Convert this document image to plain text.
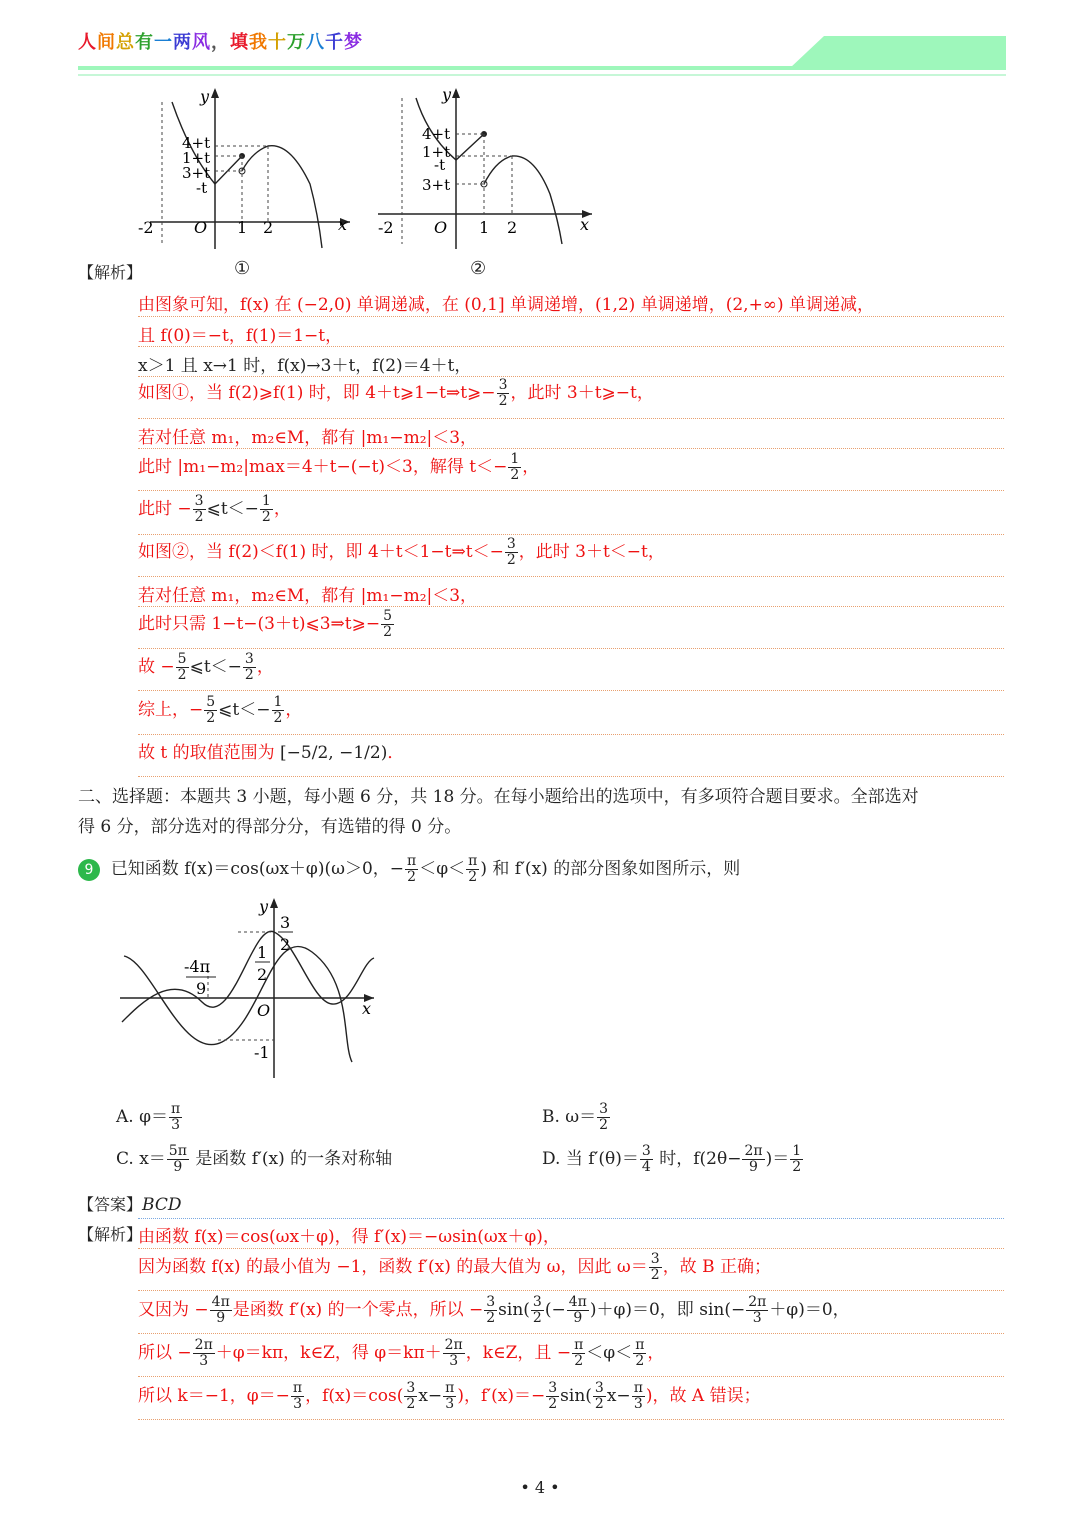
人间总有一两风，填我十万八千梦
y
x
4+t
1+t
3+t
-t
-2	O 1 2
①
y
x
4+t
1+t
-t
3+t
-2	O 1 2
②
【解析】
由图象可知，f(x) 在 (−2,0) 单调递减，在 (0,1] 单调递增，(1,2) 单调递增，(2,+∞) 单调递减，
且 f(0)＝−t，f(1)＝1−t，
x＞1 且 x→1 时，f(x)→3＋t，f(2)＝4＋t，
如图①，当 f(2)⩾f(1) 时，即 4＋t⩾1−t⇒t⩾− $\frac{3}{2}$ ，此时 3＋t⩾−t，
若对任意 m₁，m₂∈M，都有 |m₁−m₂|＜3，
此时 |m₁−m₂|max＝4＋t−(−t)＜3，解得 $t<- \frac{1}{2}$ ，
此时 − $\frac{3}{2}$ ⩽t＜− $\frac{1}{2}$ ，
如图②，当 f(2)＜f(1) 时，即 4＋t＜1−t⇒t＜− $\frac{3}{2}$ ，此时 3＋t＜−t，
若对任意 m₁，m₂∈M，都有 |m₁−m₂|＜3，
此时只需 1−t−(3＋t)⩽3⇒t⩾− $\frac{5}{2}$
故 − $\frac{5}{2}$ ⩽t＜− $\frac{3}{2}$ ，
综上，− $\frac{5}{2}$ ⩽t＜− $\frac{1}{2}$ ，
故 t 的取值范围为 [−5/2, −1/2)．
二、选择题：本题共 3 小题，每小题 6 分，共 18 分。在每小题给出的选项中，有多项符合题目要求。全部选对
得 6 分，部分选对的得部分分，有选错的得 0 分。
9 已知函数 f(x)＝cos(ωx＋φ)(ω＞0，− $\frac{\pi}{2} <\varphi< \frac{\pi}{2}$ ) 和 f′(x) 的部分图象如图所示，则
y
x
O
-1
1
2
3
2
-4π
9
A. $\varphi= \frac{\pi}{3}$	B. $\omega= \frac{3}{2}$
C. $x= \frac{5\pi}{9}$ 是函数 f′(x) 的一条对称轴	D. 当 $f'(\theta)= \frac{3}{4}$ 时，$f(2\theta- \frac{2\pi}{9}$ )＝ $\frac{1}{2}$
【答案】BCD
【解析】
由函数 f(x)＝cos(ωx＋φ)，得 f′(x)＝−ωsin(ωx＋φ)，
因为函数 f(x) 的最小值为 −1，函数 f′(x) 的最大值为 ω，因此 $\omega= \frac{3}{2}$ ，故 B 正确；
又因为 − $\frac{4\pi}{9}$ 是函数 f′(x) 的一个零点，所以 − $\frac{3}{2} \sin( \frac{3}{2}$ (− $\frac{4\pi}{9} )+\varphi)=0$，即 $\sin(- \frac{2\pi}{3} +\varphi)=0$，
所以 − $\frac{2\pi}{3} +\varphi=k\pi$，k∈Z，得 $\varphi=k\pi+ \frac{2\pi}{3}$ ，k∈Z，且 − $\frac{\pi}{2} <\varphi< \frac{\pi}{2}$ ，
所以 k＝−1，$\varphi=- \frac{\pi}{3}$ ，$f(x)=\cos( \frac{3}{2} x- \frac{\pi}{3}$ )，$f'(x)=- \frac{3}{2} \sin( \frac{3}{2} x- \frac{\pi}{3}$ )，故 A 错误；
• 4 •
